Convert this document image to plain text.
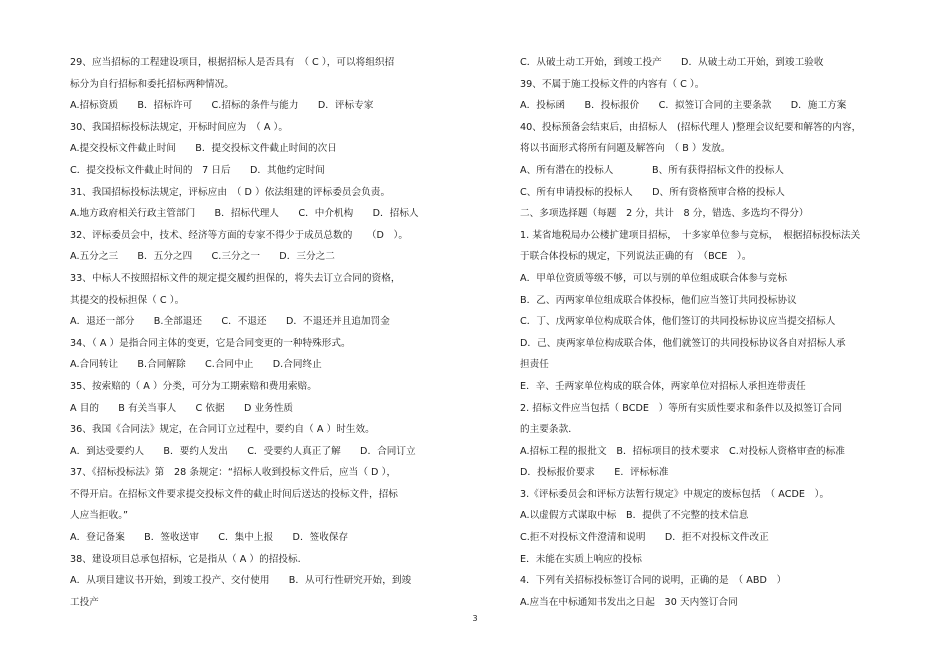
29、应当招标的工程建设项目，根据招标人是否具有　（ C ），可以将组织招
标分为自行招标和委托招标两种情况。
A.招标资质　　B．招标许可　　C.招标的条件与能力　　D．评标专家
30、我国招标投标法规定，开标时间应为　（ A ）。
A.提交投标文件截止时间　　B．提交投标文件截止时间的次日
C．提交投标文件截止时间的　7 日后　　D．其他约定时间
31、我国招标投标法规定，评标应由　（ D ）依法组建的评标委员会负责。
A.地方政府相关行政主管部门　　B．招标代理人　　C．中介机构　　D．招标人
32、评标委员会中，技术、经济等方面的专家不得少于成员总数的　　（D　）。
A.五分之三　　B．五分之四　　C.三分之一　　D．三分之二
33、中标人不按照招标文件的规定提交履约担保的，将失去订立合同的资格，
其提交的投标担保（ C ）。
A．退还一部分　　B.全部退还　　C．不退还　　D．不退还并且追加罚金
34、（ A ）是指合同主体的变更，它是合同变更的一种特殊形式。
A.合同转让　　B.合同解除　　C.合同中止　　D.合同终止
35、按索赔的（ A ）分类，可分为工期索赔和费用索赔。
A 目的　　B 有关当事人　　C 依据　　D 业务性质
36、我国《合同法》规定，在合同订立过程中，要约自（ A ）时生效。
A．到达受要约人　　B．要约人发出　　C．受要约人真正了解　　D．合同订立
37、《招标投标法》第　28 条规定：“招标人收到投标文件后，应当（ D ），
不得开启。在招标文件要求提交投标文件的截止时间后送达的投标文件，招标
人应当拒收。”
A．登记备案　　B．签收送审　　C．集中上报　　D．签收保存
38、建设项目总承包招标，它是指从（ A ）的招投标.
A．从项目建议书开始，到竣工投产、交付使用　　B．从可行性研究开始，到竣
工投产
C．从破土动工开始，到竣工投产　　D．从破土动工开始，到竣工验收
39、不属于施工投标文件的内容有（ C ）。
A．投标函　　B．投标报价　　C．拟签订合同的主要条款　　D．施工方案
40、投标预备会结束后，由招标人　(招标代理人 )整理会议纪要和解答的内容，
将以书面形式将所有问题及解答向　（ B ）发放。
A、所有潜在的投标人　　　　B、所有获得招标文件的投标人
C、所有申请投标的投标人　　D、所有资格预审合格的投标人
二、多项选择题（每题　2 分，共计　8 分，错选、多选均不得分）
1. 某省地税局办公楼扩建项目招标，　十多家单位参与竞标，　根据招标投标法关
于联合体投标的规定，下列说法正确的有　（BCE　）。
A．甲单位资质等级不够，可以与别的单位组成联合体参与竞标
B．乙、丙两家单位组成联合体投标，他们应当签订共同投标协议
C．丁、戊两家单位构成联合体，他们签订的共同投标协议应当提交招标人
D．己、庚两家单位构成联合体，他们就签订的共同投标协议各自对招标人承
担责任
E．辛、壬两家单位构成的联合体，两家单位对招标人承担连带责任
2. 招标文件应当包括（ BCDE　）等所有实质性要求和条件以及拟签订合同
的主要条款．
A.招标工程的报批文　B．招标项目的技术要求　C.对投标人资格审查的标准
D．投标报价要求　　E．评标标准
3.《评标委员会和评标方法暂行规定》中规定的废标包括　（ ACDE　）。
A.以虚假方式谋取中标　B．提供了不完整的技术信息
C.拒不对投标文件澄清和说明　　D．拒不对投标文件改正
E．未能在实质上响应的投标
4．下列有关招标投标签订合同的说明，正确的是　（ ABD　）
A.应当在中标通知书发出之日起　30 天内签订合同
3
